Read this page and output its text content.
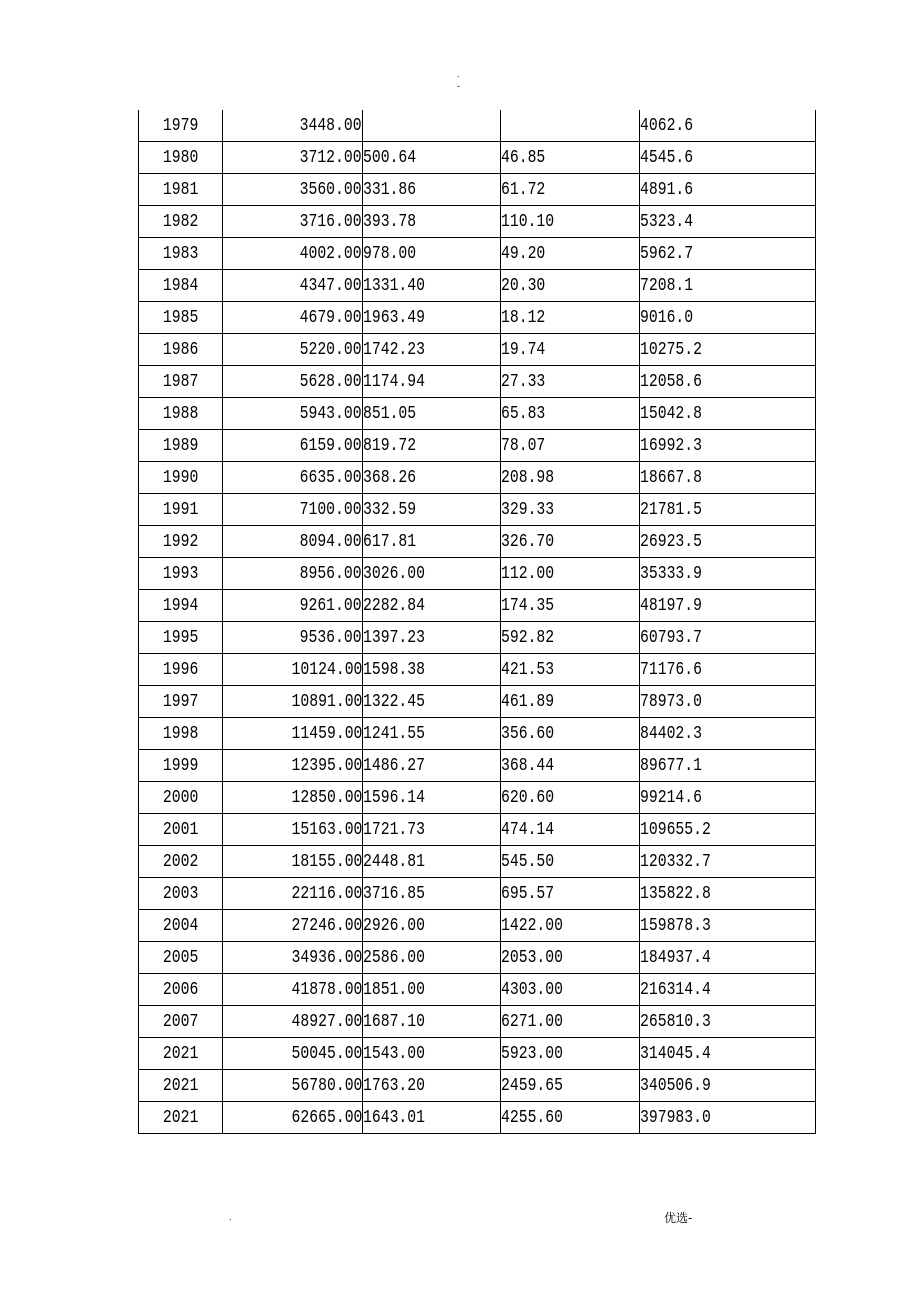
.
-
1979	3448.00			4062.6
1980	3712.00	500.64	46.85	4545.6
1981	3560.00	331.86	61.72	4891.6
1982	3716.00	393.78	110.10	5323.4
1983	4002.00	978.00	49.20	5962.7
1984	4347.00	1331.40	20.30	7208.1
1985	4679.00	1963.49	18.12	9016.0
1986	5220.00	1742.23	19.74	10275.2
1987	5628.00	1174.94	27.33	12058.6
1988	5943.00	851.05	65.83	15042.8
1989	6159.00	819.72	78.07	16992.3
1990	6635.00	368.26	208.98	18667.8
1991	7100.00	332.59	329.33	21781.5
1992	8094.00	617.81	326.70	26923.5
1993	8956.00	3026.00	112.00	35333.9
1994	9261.00	2282.84	174.35	48197.9
1995	9536.00	1397.23	592.82	60793.7
1996	10124.00	1598.38	421.53	71176.6
1997	10891.00	1322.45	461.89	78973.0
1998	11459.00	1241.55	356.60	84402.3
1999	12395.00	1486.27	368.44	89677.1
2000	12850.00	1596.14	620.60	99214.6
2001	15163.00	1721.73	474.14	109655.2
2002	18155.00	2448.81	545.50	120332.7
2003	22116.00	3716.85	695.57	135822.8
2004	27246.00	2926.00	1422.00	159878.3
2005	34936.00	2586.00	2053.00	184937.4
2006	41878.00	1851.00	4303.00	216314.4
2007	48927.00	1687.10	6271.00	265810.3
2021	50045.00	1543.00	5923.00	314045.4
2021	56780.00	1763.20	2459.65	340506.9
2021	62665.00	1643.01	4255.60	397983.0
.	优选-
